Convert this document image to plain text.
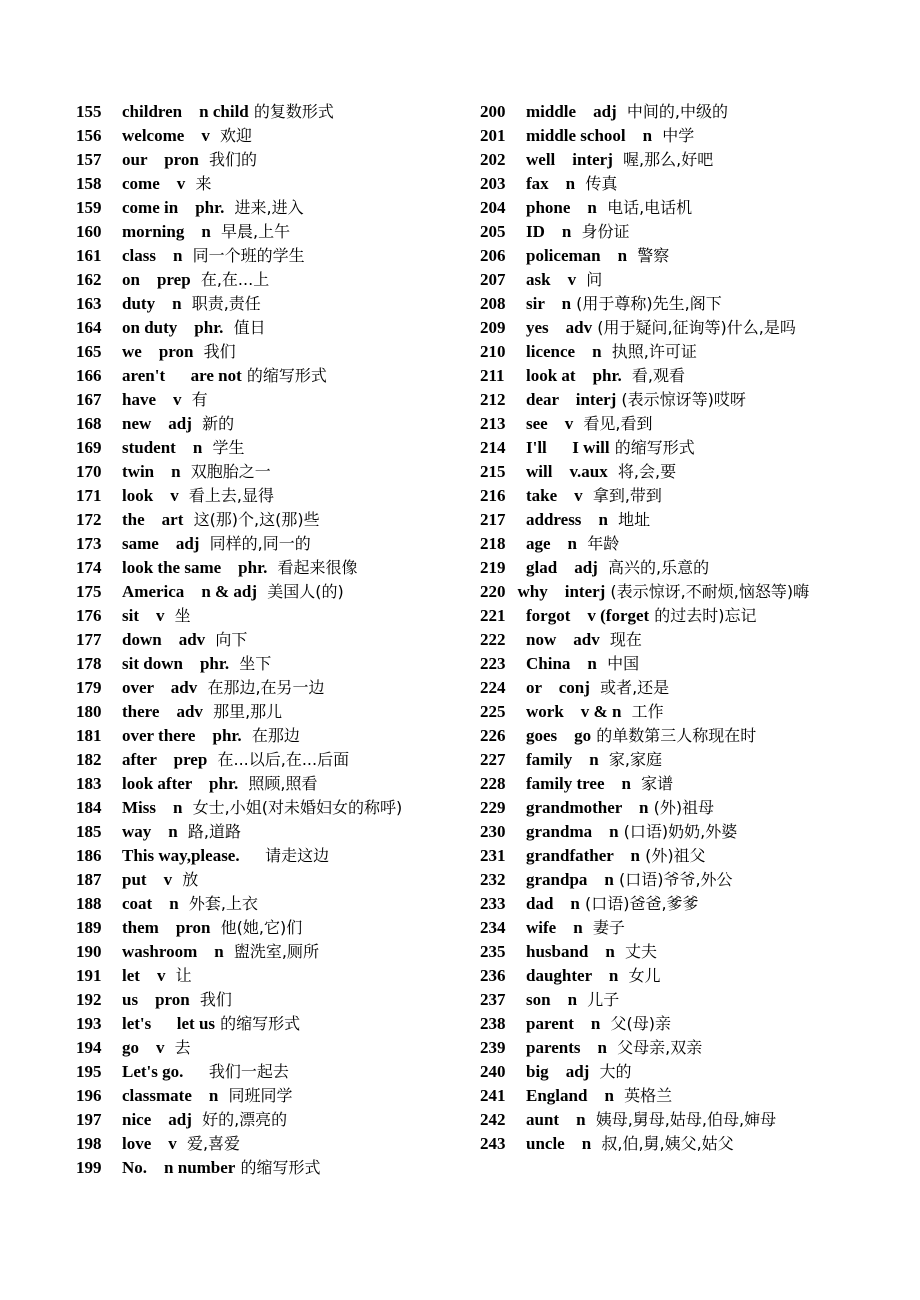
155 children n child 的复数形式
156 welcome v  欢迎
157 our pron  我们的
158 come v  来
159 come in phr.  进来,进入
160 morning n  早晨,上午
161 class n  同一个班的学生
162 on prep  在,在...上
163 duty n  职责,责任
164 on duty phr.  值日
165 we pron  我们
166 aren't are not 的缩写形式
167 have v  有
168 new adj  新的
169 student n  学生
170 twin n  双胞胎之一
171 look v  看上去,显得
172 the art  这(那)个,这(那)些
173 same adj  同样的,同一的
174 look the same phr.  看起来很像
175 America n & adj  美国人(的)
176 sit v  坐
177 down adv  向下
178 sit down phr.  坐下
179 over adv  在那边,在另一边
180 there adv  那里,那儿
181 over there phr.  在那边
182 after prep  在...以后,在...后面
183 look after phr.  照顾,照看
184 Miss n  女士,小姐(对未婚妇女的称呼)
185 way n  路,道路
186 This way,please. 请走这边
187 put v  放
188 coat n  外套,上衣
189 them pron  他(她,它)们
190 washroom n  盥洗室,厕所
191 let v  让
192 us pron  我们
193 let's let us 的缩写形式
194 go v  去
195 Let's go. 我们一起去
196 classmate n  同班同学
197 nice adj  好的,漂亮的
198 love v  爱,喜爱
199 No. n number 的缩写形式
200 middle adj  中间的,中级的
201 middle school n  中学
202 well interj  喔,那么,好吧
203 fax n  传真
204 phone n  电话,电话机
205 ID n  身份证
206 policeman n  警察
207 ask v  问
208 sir n (用于尊称)先生,阁下
209 yes adv (用于疑问,征询等)什么,是吗
210 licence n  执照,许可证
211 look at phr.  看,观看
212 dear interj (表示惊讶等)哎呀
213 see v  看见,看到
214 I'll I will 的缩写形式
215 will v.aux  将,会,要
216 take v  拿到,带到
217 address n  地址
218 age n  年龄
219 glad adj  高兴的,乐意的
220 why interj (表示惊讶,不耐烦,恼怒等)嗨
221 forgot v (forget 的过去时)忘记
222 now adv  现在
223 China n  中国
224 or conj  或者,还是
225 work v & n  工作
226 goes go 的单数第三人称现在时
227 family n  家,家庭
228 family tree n  家谱
229 grandmother n (外)祖母
230 grandma n (口语)奶奶,外婆
231 grandfather n (外)祖父
232 grandpa n (口语)爷爷,外公
233 dad n (口语)爸爸,爹爹
234 wife n  妻子
235 husband n  丈夫
236 daughter n  女儿
237 son n  儿子
238 parent n  父(母)亲
239 parents n  父母亲,双亲
240 big adj  大的
241 England n  英格兰
242 aunt n  姨母,舅母,姑母,伯母,婶母
243 uncle n  叔,伯,舅,姨父,姑父
